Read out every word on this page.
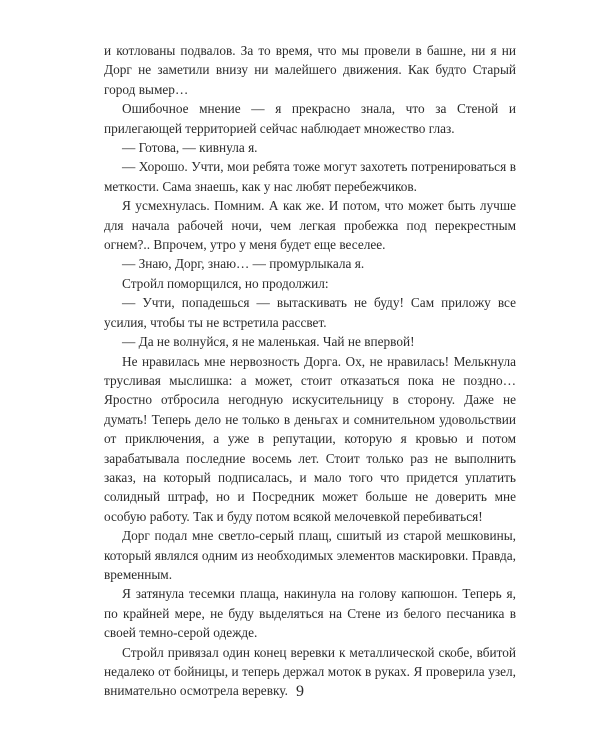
и котлованы подвалов. За то время, что мы провели в башне, ни я ни Дорг не заметили внизу ни малейшего движения. Как будто Старый город вымер…

Ошибочное мнение — я прекрасно знала, что за Стеной и прилегающей территорией сейчас наблюдает множество глаз.

— Готова, — кивнула я.

— Хорошо. Учти, мои ребята тоже могут захотеть потренироваться в меткости. Сама знаешь, как у нас любят перебежчиков.

Я усмехнулась. Помним. А как же. И потом, что может быть лучше для начала рабочей ночи, чем легкая пробежка под перекрестным огнем?.. Впрочем, утро у меня будет еще веселее.

— Знаю, Дорг, знаю… — промурлыкала я.

Стройл поморщился, но продолжил:

— Учти, попадешься — вытаскивать не буду! Сам приложу все усилия, чтобы ты не встретила рассвет.

— Да не волнуйся, я не маленькая. Чай не впервой!

Не нравилась мне нервозность Дорга. Ох, не нравилась! Мелькнула трусливая мыслишка: а может, стоит отказаться пока не поздно… Яростно отбросила негодную искусительницу в сторону. Даже не думать! Теперь дело не только в деньгах и сомнительном удовольствии от приключения, а уже в репутации, которую я кровью и потом зарабатывала последние восемь лет. Стоит только раз не выполнить заказ, на который подписалась, и мало того что придется уплатить солидный штраф, но и Посредник может больше не доверить мне особую работу. Так и буду потом всякой мелочевкой перебиваться!

Дорг подал мне светло-серый плащ, сшитый из старой мешковины, который являлся одним из необходимых элементов маскировки. Правда, временным.

Я затянула тесемки плаща, накинула на голову капюшон. Теперь я, по крайней мере, не буду выделяться на Стене из белого песчаника в своей темно-серой одежде.

Стройл привязал один конец веревки к металлической скобе, вбитой недалеко от бойницы, и теперь держал моток в руках. Я проверила узел, внимательно осмотрела веревку. 9
